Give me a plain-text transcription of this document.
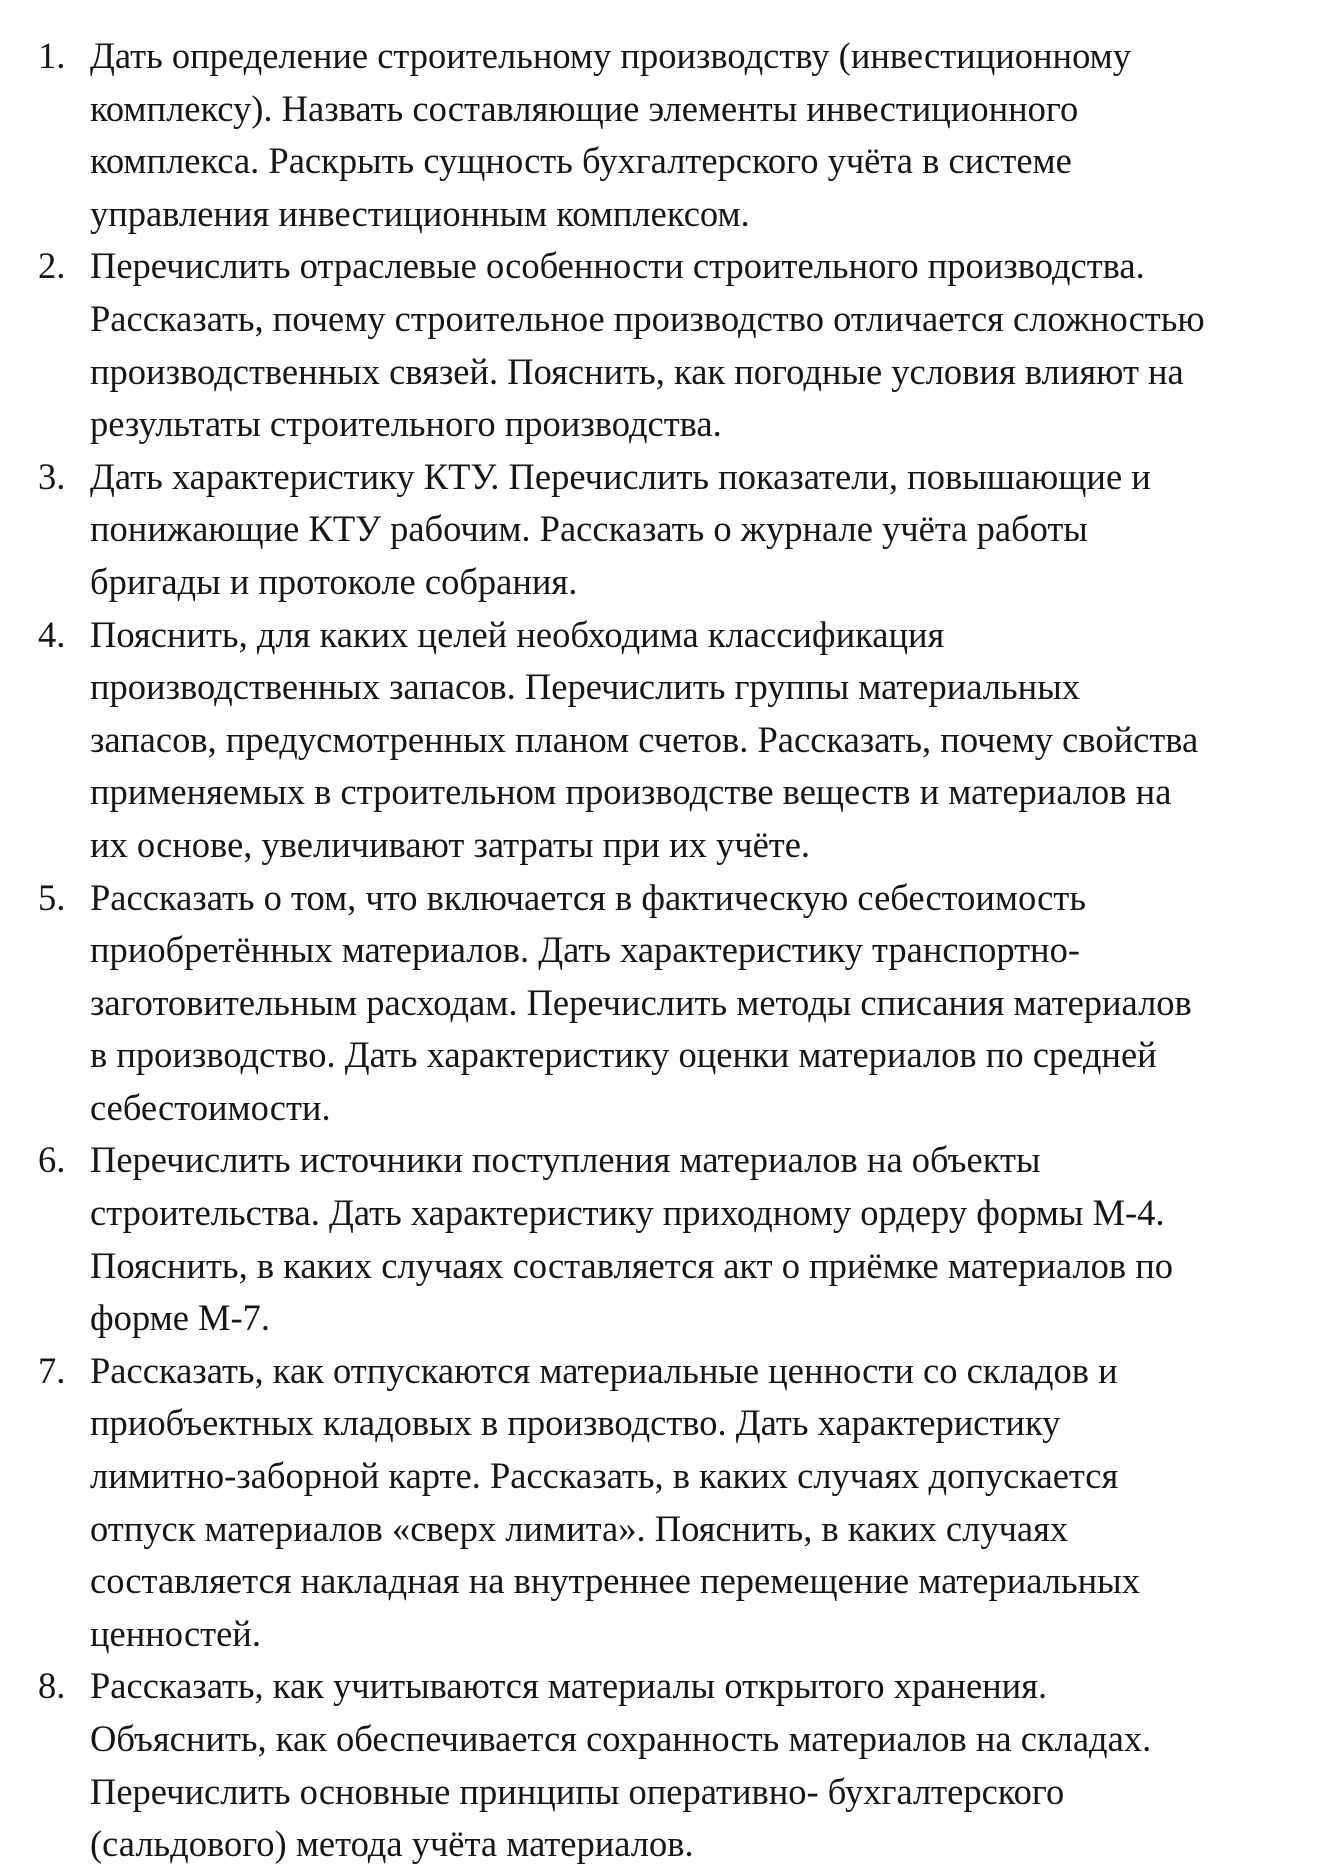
1. Дать определение строительному производству (инвестиционному
комплексу). Назвать составляющие элементы инвестиционного
комплекса. Раскрыть сущность бухгалтерского учёта в системе
управления инвестиционным комплексом.
2. Перечислить отраслевые особенности строительного производства.
Рассказать, почему строительное производство отличается сложностью
производственных связей. Пояснить, как погодные условия влияют на
результаты строительного производства.
3. Дать характеристику КТУ. Перечислить показатели, повышающие и
понижающие КТУ рабочим. Рассказать о журнале учёта работы
бригады и протоколе собрания.
4. Пояснить, для каких целей необходима классификация
производственных запасов. Перечислить группы материальных
запасов, предусмотренных планом счетов. Рассказать, почему свойства
применяемых в строительном производстве веществ и материалов на
их основе, увеличивают затраты при их учёте.
5. Рассказать о том, что включается в фактическую себестоимость
приобретённых материалов. Дать характеристику транспортно-
заготовительным расходам. Перечислить методы списания материалов
в производство. Дать характеристику оценки материалов по средней
себестоимости.
6. Перечислить источники поступления материалов на объекты
строительства. Дать характеристику приходному ордеру формы М-4.
Пояснить, в каких случаях составляется акт о приёмке материалов по
форме М-7.
7. Рассказать, как отпускаются материальные ценности со складов и
приобъектных кладовых в производство. Дать характеристику
лимитно-заборной карте. Рассказать, в каких случаях допускается
отпуск материалов «сверх лимита». Пояснить, в каких случаях
составляется накладная на внутреннее перемещение материальных
ценностей.
8. Рассказать, как учитываются материалы открытого хранения.
Объяснить, как обеспечивается сохранность материалов на складах.
Перечислить основные принципы оперативно- бухгалтерского
(сальдового) метода учёта материалов.
